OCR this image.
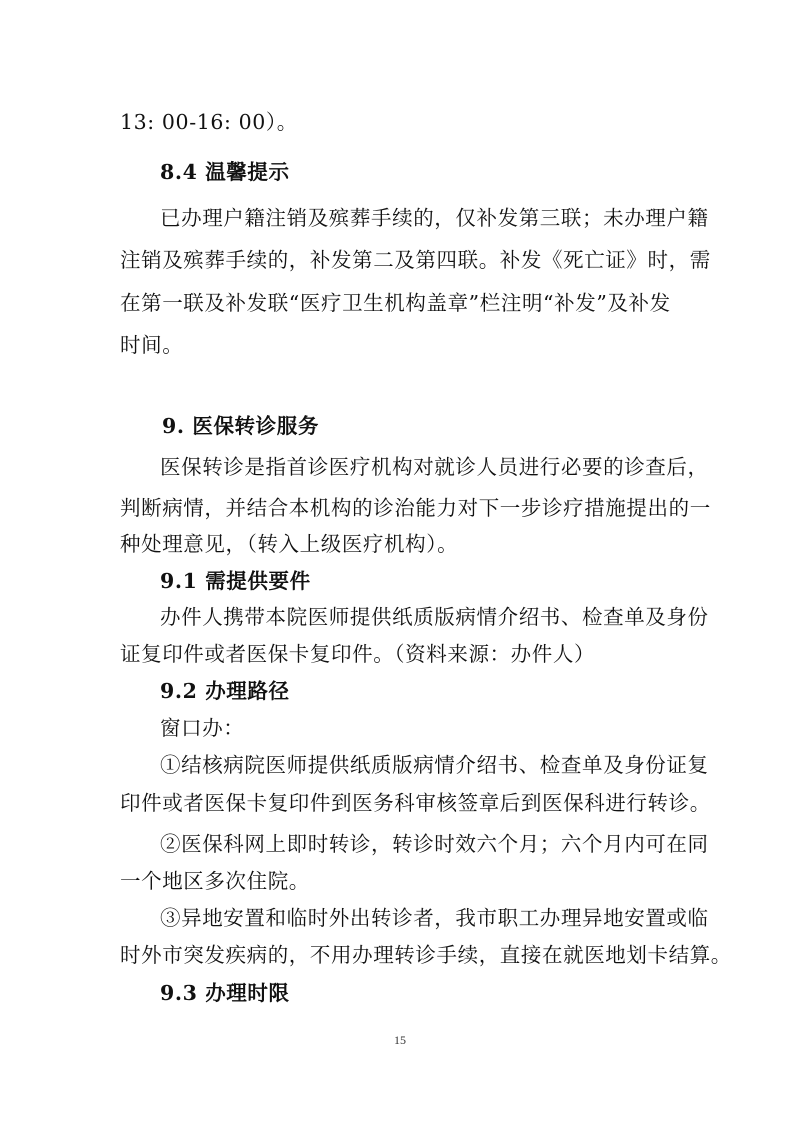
13: 00-16: 00）。
8.4 温馨提示
已办理户籍注销及殡葬手续的，仅补发第三联；未办理户籍
注销及殡葬手续的，补发第二及第四联。补发《死亡证》时，需
在第一联及补发联“医疗卫生机构盖章”栏注明“补发”及补发
时间。
9. 医保转诊服务
医保转诊是指首诊医疗机构对就诊人员进行必要的诊查后，
判断病情，并结合本机构的诊治能力对下一步诊疗措施提出的一
种处理意见，（转入上级医疗机构）。
9.1 需提供要件
办件人携带本院医师提供纸质版病情介绍书、检查单及身份
证复印件或者医保卡复印件。（资料来源：办件人）
9.2 办理路径
窗口办：
①结核病院医师提供纸质版病情介绍书、检查单及身份证复
印件或者医保卡复印件到医务科审核签章后到医保科进行转诊。
②医保科网上即时转诊，转诊时效六个月；六个月内可在同
一个地区多次住院。
③异地安置和临时外出转诊者，我市职工办理异地安置或临
时外市突发疾病的，不用办理转诊手续，直接在就医地划卡结算。
9.3 办理时限
15
